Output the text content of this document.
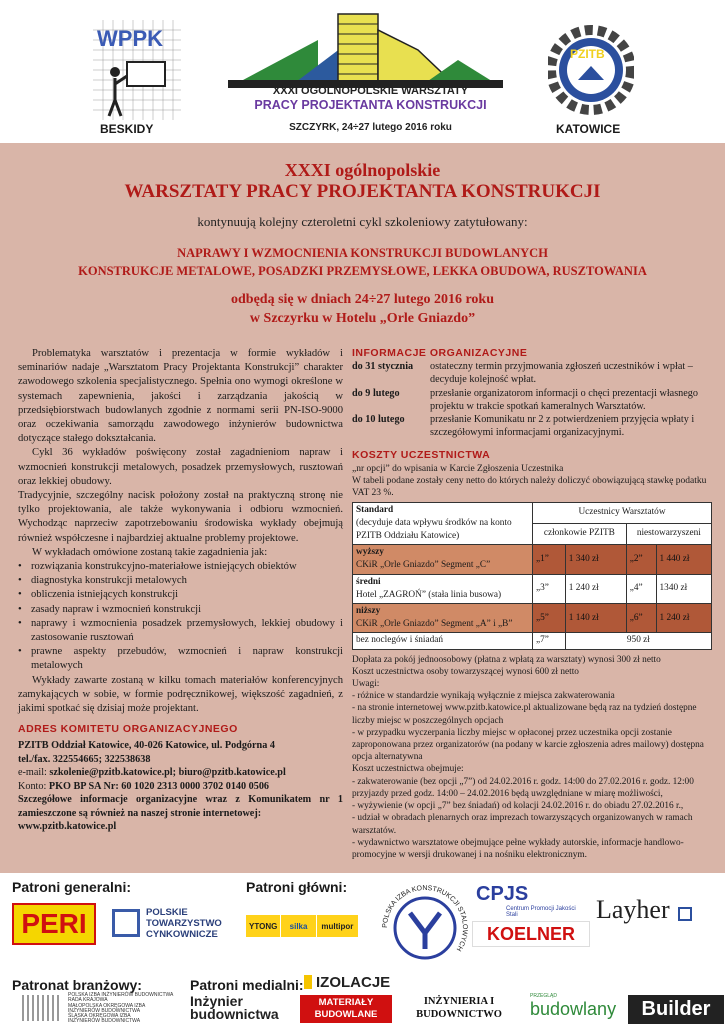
WPPK
BESKIDY
XXXI OGÓLNOPOLSKIE WARSZTATY
PRACY PROJEKTANTA KONSTRUKCJI
SZCZYRK, 24÷27 lutego 2016 roku
PZITB
KATOWICE
XXXI ogólnopolskie
WARSZTATY PRACY PROJEKTANTA KONSTRUKCJI
kontynuują kolejny czteroletni cykl szkoleniowy zatytułowany:
NAPRAWY I WZMOCNIENIA KONSTRUKCJI BUDOWLANYCH
KONSTRUKCJE METALOWE, POSADZKI PRZEMYSŁOWE, LEKKA OBUDOWA, RUSZTOWANIA
odbędą się w dniach 24÷27 lutego 2016 roku
w Szczyrku w Hotelu „Orle Gniazdo”

Problematyka warsztatów i prezentacja w formie wykładów i seminariów nadaje „Warsztatom Pracy Projektanta Konstrukcji” charakter zawodowego szkolenia specjalistycznego. Spełnia ono wymogi określone w systemach zapewnienia, jakości i zarządzania jakością w przedsiębiorstwach budowlanych zgodnie z normami serii PN-ISO-9000 oraz oczekiwania samorządu zawodowego inżynierów budownictwa dotyczące stałego dokształcania.

Cykl 36 wykładów poświęcony został zagadnieniom napraw i wzmocnień konstrukcji metalowych, posadzek przemysłowych, rusztowań oraz lekkiej obudowy.

Tradycyjnie, szczególny nacisk położony został na praktyczną stronę nie tylko projektowania, ale także wykonywania i odbioru wzmocnień. Wychodząc naprzeciw zapotrzebowaniu środowiska wykłady obejmują również współczesne i najbardziej aktualne problemy projektowe.

W wykładach omówione zostaną takie zagadnienia jak:

• rozwiązania konstrukcyjno-materiałowe istniejących obiektów
• diagnostyka konstrukcji metalowych
• obliczenia istniejących konstrukcji
• zasady napraw i wzmocnień konstrukcji
• naprawy i wzmocnienia posadzek przemysłowych, lekkiej obudowy i zastosowanie rusztowań
• prawne aspekty przebudów, wzmocnień i napraw konstrukcji metalowych

Wykłady zawarte zostaną w kilku tomach materiałów konferencyjnych zamykających w sobie, w formie podręcznikowej, większość zagadnień, z jakimi spotkać się dzisiaj może projektant.

ADRES KOMITETU ORGANIZACYJNEGO
PZITB Oddział Katowice, 40-026 Katowice, ul. Podgórna 4
tel./fax. 322554665; 322538638
e-mail: szkolenie@pzitb.katowice.pl; biuro@pzitb.katowice.pl
Konto: PKO BP SA Nr: 60 1020 2313 0000 3702 0140 0506
Szczegółowe informacje organizacyjne wraz z Komunikatem nr 1 zamieszczone są również na naszej stronie internetowej:
www.pzitb.katowice.pl
INFORMACJE ORGANIZACYJNE
do 31 stycznia	ostateczny termin przyjmowania zgłoszeń uczestników i wpłat – decyduje kolejność wpłat.
do 9 lutego	przesłanie organizatorom informacji o chęci prezentacji własnego projektu w trakcie spotkań kameralnych Warsztatów.
do 10 lutego	przesłanie Komunikatu nr 2 z potwierdzeniem przyjęcia wpłaty i szczegółowymi informacjami organizacyjnymi.
KOSZTY UCZESTNICTWA
„nr opcji” do wpisania w Karcie Zgłoszenia Uczestnika
W tabeli podane zostały ceny netto do których należy doliczyć obowiązującą stawkę podatku VAT 23 %.
Standard
(decyduje data wpływu środków na konto PZITB Oddziału Katowice)	Uczestnicy Warsztatów			
	członkowie PZITB		niestowarzyszeni	
wyższy
CKiR „Orle Gniazdo” Segment „C”	„1”	1 340 zł	„2”	1 440 zł
średni
Hotel „ZAGROŃ” (stała linia busowa)	„3”	1 240 zł	„4”	1340 zł
niższy
CKiR „Orle Gniazdo” Segment „A” i „B”	„5”	1 140 zł	„6”	1 240 zł
bez noclegów i śniadań	„7”	950 zł		
Dopłata za pokój jednoosobowy (płatna z wpłatą za warsztaty) wynosi 300 zł netto
Koszt uczestnictwa osoby towarzyszącej wynosi 600 zł netto
Uwagi:
- różnice w standardzie wynikają wyłącznie z miejsca zakwaterowania
- na stronie internetowej www.pzitb.katowice.pl aktualizowane będą raz na tydzień dostępne liczby miejsc w poszczególnych opcjach
- w przypadku wyczerpania liczby miejsc w opłaconej przez uczestnika opcji zostanie zaproponowana przez organizatorów (na podany w karcie zgłoszenia adres mailowy) dostępna opcja alternatywna
Koszt uczestnictwa obejmuje:
- zakwaterowanie (bez opcji „7”) od 24.02.2016 r. godz. 14:00 do 27.02.2016 r. godz. 12:00 przyjazdy przed godz. 14:00 – 24.02.2016 będą uwzględniane w miarę możliwości,
- wyżywienie (w opcji „7” bez śniadań) od kolacji 24.02.2016 r. do obiadu 27.02.2016 r.,
- udział w obradach plenarnych oraz imprezach towarzyszących organizowanych w ramach warsztatów.
- wydawnictwo warsztatowe obejmujące pełne wykłady autorskie, informacje handlowo-promocyjne w wersji drukowanej i na nośniku elektronicznym.
Patroni generalni:	Patroni główni:
Patronat branżowy:	Patroni medialni:
PERI	POLSKIE
TOWARZYSTWO
CYNKOWNICZE
YTONG	silka	multipor	POLSKA IZBA KONSTRUKCJI STALOWYCH
CPJS
Centrum Promocji Jakości Stali
KOELNER
Layher
POLSKA IZBA INŻYNIERÓW BUDOWNICTWA
RADA KRAJOWA
MAŁOPOLSKA OKRĘGOWA IZBA
INŻYNIERÓW BUDOWNICTWA
ŚLĄSKA OKRĘGOWA IZBA
INŻYNIERÓW BUDOWNICTWA
Inżynier
budownictwa
IZOLACJE
MATERIAŁY
BUDOWLANE
INŻYNIERIA I BUDOWNICTWO
PRZEGLĄD
budowlany	Builder
